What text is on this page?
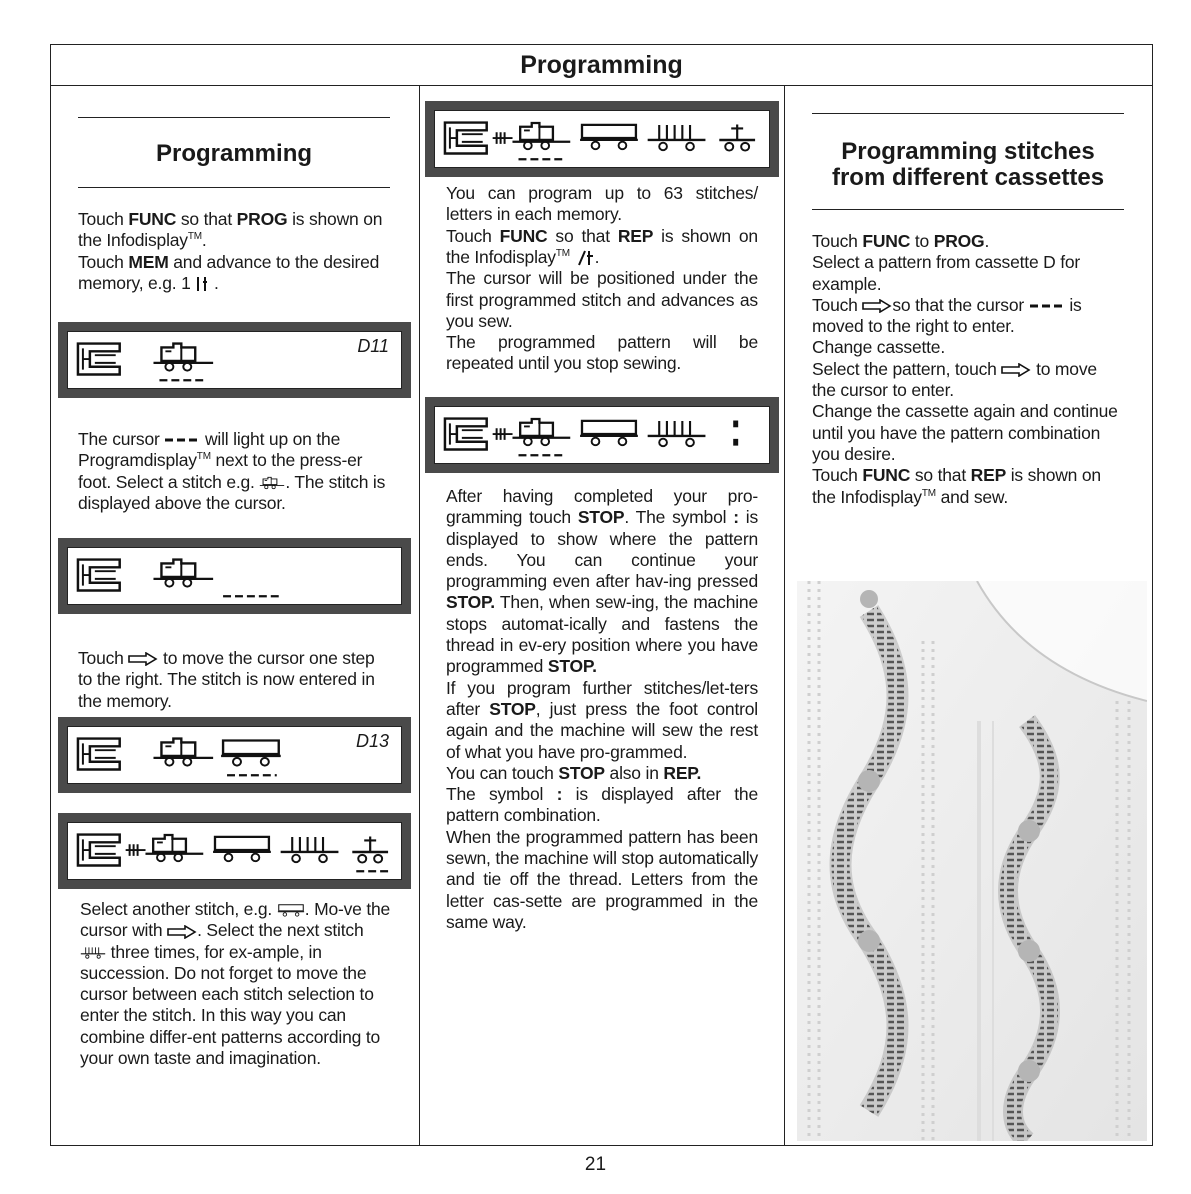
Programming
Programming
Touch FUNC so that PROG is shown on the Infodisplay™.
Touch MEM and advance to the desired memory, e.g. 1 .
D11
The cursor	will light up on the Programdisplay™ next to the press-er foot. Select a stitch e.g. . The stitch is displayed above the cursor.
Touch to move the cursor one step to the right. The stitch is now entered in the memory.
D13
Select another stitch, e.g. . Mo-ve the cursor with . Select the next stitch  three times, for ex-ample, in succession. Do not forget to move the cursor between each stitch selection to enter the stitch. In this way you can combine differ-ent patterns according to your own taste and imagination.
You can program up to 63 stitches/ letters in each memory.
Touch FUNC so that REP is shown on the Infodisplay™ .
The cursor will be positioned under the first programmed stitch and advances as you sew.
The programmed pattern will be repeated until you stop sewing.
After having completed your pro-gramming touch STOP. The symbol : is displayed to show where the pattern ends. You can continue your programming even after hav-ing pressed STOP. Then, when sew-ing, the machine stops automat-ically and fastens the thread in ev-ery position where you have programmed STOP.
If you program further stitches/let-ters after STOP, just press the foot control again and the machine will sew the rest of what you have pro-grammed.
You can touch STOP also in REP.
The symbol : is displayed after the pattern combination.
When the programmed pattern has been sewn, the machine will stop automatically and tie off the thread. Letters from the letter cas-sette are programmed in the same way.
Programming stitches from different cassettes
Touch FUNC to PROG.
Select a pattern from cassette D for example.
Touch so that the cursor	is moved to the right to enter.
Change cassette.
Select the pattern, touch to move the cursor to enter.
Change the cassette again and continue until you have the pattern combination you desire.
Touch FUNC so that REP is shown on the Infodisplay™ and sew.
21
